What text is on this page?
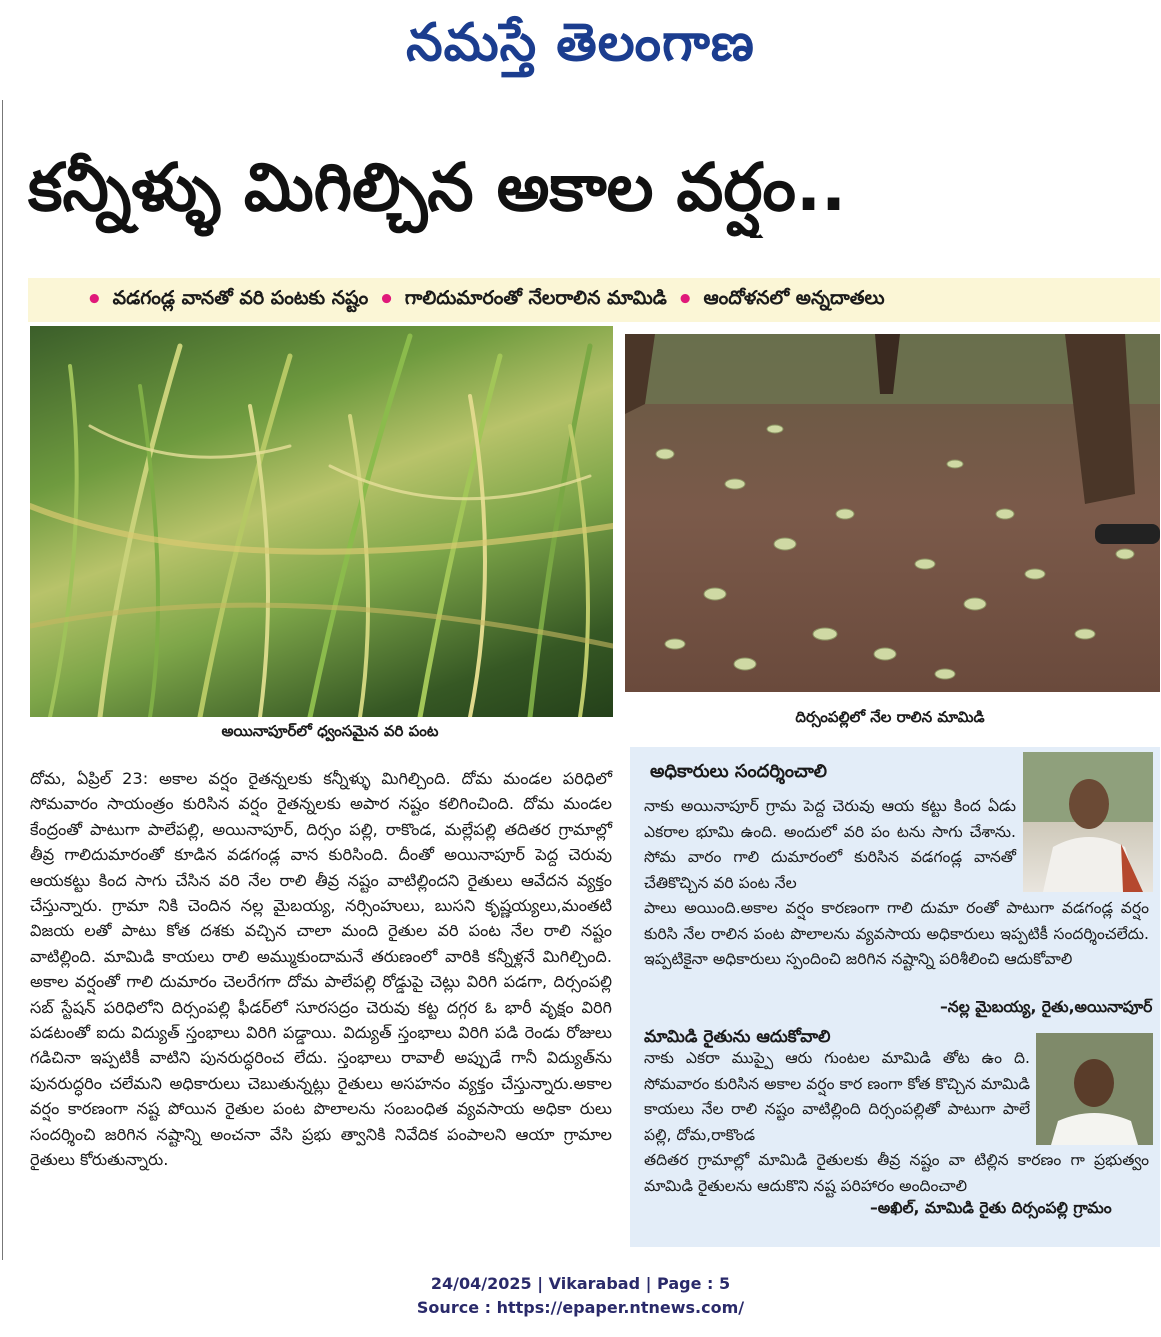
నమస్తే తెలంగాణ
కన్నీళ్ళు మిగిల్చిన అకాల వర్షం..
• వడగండ్ల వానతో వరి పంటకు నష్టం • గాలిదుమారంతో నేలరాలిన మామిడి • ఆందోళనలో అన్నదాతలు
అయినాపూర్‌లో ధ్వంసమైన వరి పంట
దిర్సంపల్లిలో నేల రాలిన మామిడి

దోమ, ఏప్రిల్ 23: అకాల వర్షం రైతన్నలకు కన్నీళ్ళు మిగిల్చింది. దోమ మండల పరిధిలో సోమవారం సాయంత్రం కురిసిన వర్షం రైతన్నలకు అపార నష్టం కలిగించింది. దోమ మండల కేంద్రంతో పాటుగా పాలేపల్లి, అయినాపూర్, దిర్సం పల్లి, రాకొండ, మల్లేపల్లి తదితర గ్రామాల్లో తీవ్ర గాలిదుమారంతో కూడిన వడగండ్ల వాన కురిసింది. దీంతో అయినాపూర్ పెద్ద చెరువు ఆయకట్టు కింద సాగు చేసిన వరి నేల రాలి తీవ్ర నష్టం వాటిల్లిందని రైతులు ఆవేదన వ్యక్తం చేస్తున్నారు. గ్రామా నికి చెందిన నల్ల మైబయ్య, నర్సింహులు, బుసని కృష్ణయ్యలు,మంతటి విజయ లతో పాటు కోత దశకు వచ్చిన చాలా మంది రైతుల వరి పంట నేల రాలి నష్టం వాటిల్లింది. మామిడి కాయలు రాలి అమ్ముకుందామనే తరుణంలో వారికి కన్నీళ్లనే మిగిల్చింది. అకాల వర్షంతో గాలి దుమారం చెలరేగగా దోమ పాలేపల్లి రోడ్డుపై చెట్లు విరిగి పడగా, దిర్సంపల్లి సబ్ స్టేషన్ పరిధిలోని దిర్సంపల్లి ఫీడర్‌లో సూరసద్రం చెరువు కట్ట దగ్గర ఓ భారీ వృక్షం విరిగి పడటంతో ఐదు విద్యుత్ స్తంభాలు విరిగి పడ్డాయి. విద్యుత్ స్తంభాలు విరిగి పడి రెండు రోజులు గడిచినా ఇప్పటికీ వాటిని పునరుద్ధరించ లేదు. స్తంభాలు రావాలీ అప్పుడే గానీ విద్యుత్‌ను పునరుద్ధరిం చలేమని అధికారులు చెబుతున్నట్లు రైతులు అసహనం వ్యక్తం చేస్తున్నారు.అకాల వర్షం కారణంగా నష్ట పోయిన రైతుల పంట పొలాలను సంబంధిత వ్యవసాయ అధికా రులు సందర్శించి జరిగిన నష్టాన్ని అంచనా వేసి ప్రభు త్వానికి నివేదిక పంపాలని ఆయా గ్రామాల రైతులు కోరుతున్నారు.

అధికారులు సందర్శించాలి
నాకు అయినాపూర్ గ్రామ పెద్ద చెరువు ఆయ కట్టు కింద ఏడు ఎకరాల భూమి ఉంది. అందులో వరి పం టను సాగు చేశాను. సోమ వారం గాలి దుమారంలో కురిసిన వడగండ్ల వానతో చేతికొచ్చిన వరి పంట నేల
పాలు అయింది.అకాల వర్షం కారణంగా గాలి దుమా రంతో పాటుగా వడగండ్ల వర్షం కురిసి నేల రాలిన పంట పొలాలను వ్యవసాయ అధికారులు ఇప్పటికీ సందర్శించలేదు. ఇప్పటికైనా అధికారులు స్పందించి జరిగిన నష్టాన్ని పరిశీలించి ఆదుకోవాలి
–నల్ల మైబయ్య, రైతు,అయినాపూర్
మామిడి రైతును ఆదుకోవాలి
నాకు ఎకరా ముప్పై ఆరు గుంటల మామిడి తోట ఉం ది. సోమవారం కురిసిన అకాల వర్షం కార ణంగా కోత కొచ్చిన మామిడి కాయలు నేల రాలి నష్టం వాటిల్లింది దిర్సంపల్లితో పాటుగా పాలే పల్లి, దోమ,రాకొండ
తదితర గ్రామాల్లో మామిడి రైతులకు తీవ్ర నష్టం వా టిల్లిన కారణం గా ప్రభుత్వం మామిడి రైతులను ఆదుకొని నష్ట పరిహారం అందించాలి
–అఖిల్, మామిడి రైతు దిర్సంపల్లి గ్రామం
24/04/2025 | Vikarabad | Page : 5
Source : https://epaper.ntnews.com/
